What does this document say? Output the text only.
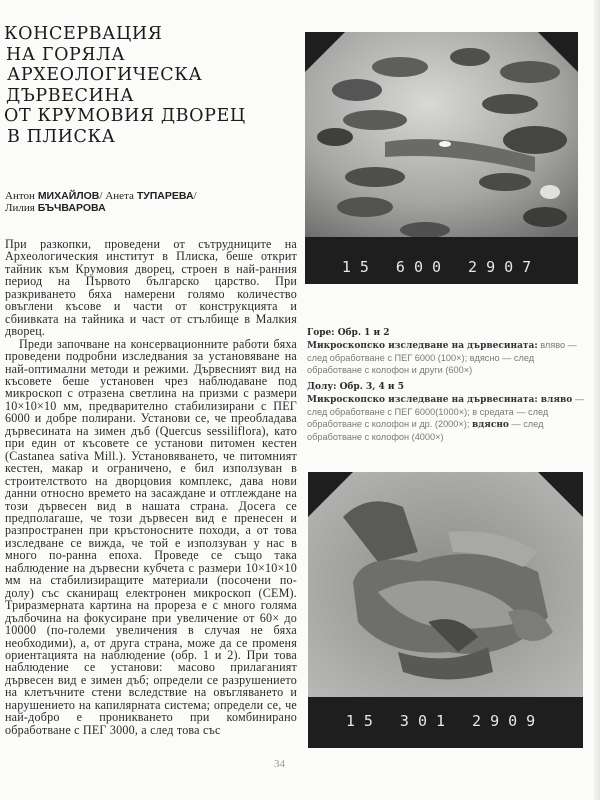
КОНСЕРВАЦИЯ
НА ГОРЯЛА
АРХЕОЛОГИЧЕСКА
ДЪРВЕСИНА
ОТ КРУМОВИЯ ДВОРЕЦ
В ПЛИСКА
Антон МИХАЙЛОВ/ Анета ТУПАРЕВА/
Лилия БЪЧВАРОВА

При разкопки, проведени от сътрудниците на Археологическия институт в Плиска, беше открит тайник към Крумовия дворец, строен в най-ранния период на Първото българско царство. При разкриването бяха намерени голямо количество овъглени късове и части от конструкцията и сбиивката на тайника и част от стълбище в Малкия дворец.

Преди започване на консервационните работи бяха проведени подробни изследвания за установяване на най-оптимални методи и режими. Дървесният вид на късовете беше установен чрез наблюдаване под микроскоп с отразена светлина на призми с размери 10×10×10 мм, предварително стабилизирани с ПЕГ 6000 и добре полирани. Установи се, че преобладава дървесината на зимен дъб (Quercus sessiliflora), като при един от късовете се установи питомен кестен (Castanea sativa Mill.). Установяването, че питомният кестен, макар и ограничено, е бил използуван в строителството на дворцовия комплекс, дава нови данни относно времето на засаждане и отглеждане на този дървесен вид в нашата страна. Досега се предполагаше, че този дървесен вид е пренесен и разпространен при кръстоносните походи, а от това изследване се вижда, че той е използуван у нас в много по-ранна епоха. Проведе се също така наблюдение на дървесни кубчета с размери 10×10×10 мм на стабилизиращите материали (посочени по-долу) със сканиращ електронен микроскоп (СЕМ). Триразмерната картина на прореза е с много голяма дълбочина на фокусиране при увеличение от 60× до 10000 (по-големи увеличения в случая не бяха необходими), а, от друга страна, може да се променя ориентацията на наблюдение (обр. 1 и 2). При това наблюдение се установи: масово прилаганият дървесен вид е зимен дъб; определи се разрушението на клетъчните стени вследствие на овъгляването и нарушението на капилярната система; определи се, че най-добро е проникването при комбинирано обработване с ПЕГ 3000, а след това със

15 600 2907
Горе: Обр. 1 и 2
Микроскопско изследване на дървесината: вляво — след обработване с ПЕГ 6000 (100×); вдясно — след обработване с колофон и други (600×)
Долу: Обр. 3, 4 и 5
Микроскопско изследване на дървесината: вляво — след обработване с ПЕГ 6000(1000×); в средата — след обработване с колофон и др. (2000×); вдясно — след обработване с колофон (4000×)
15 301 2909
34
